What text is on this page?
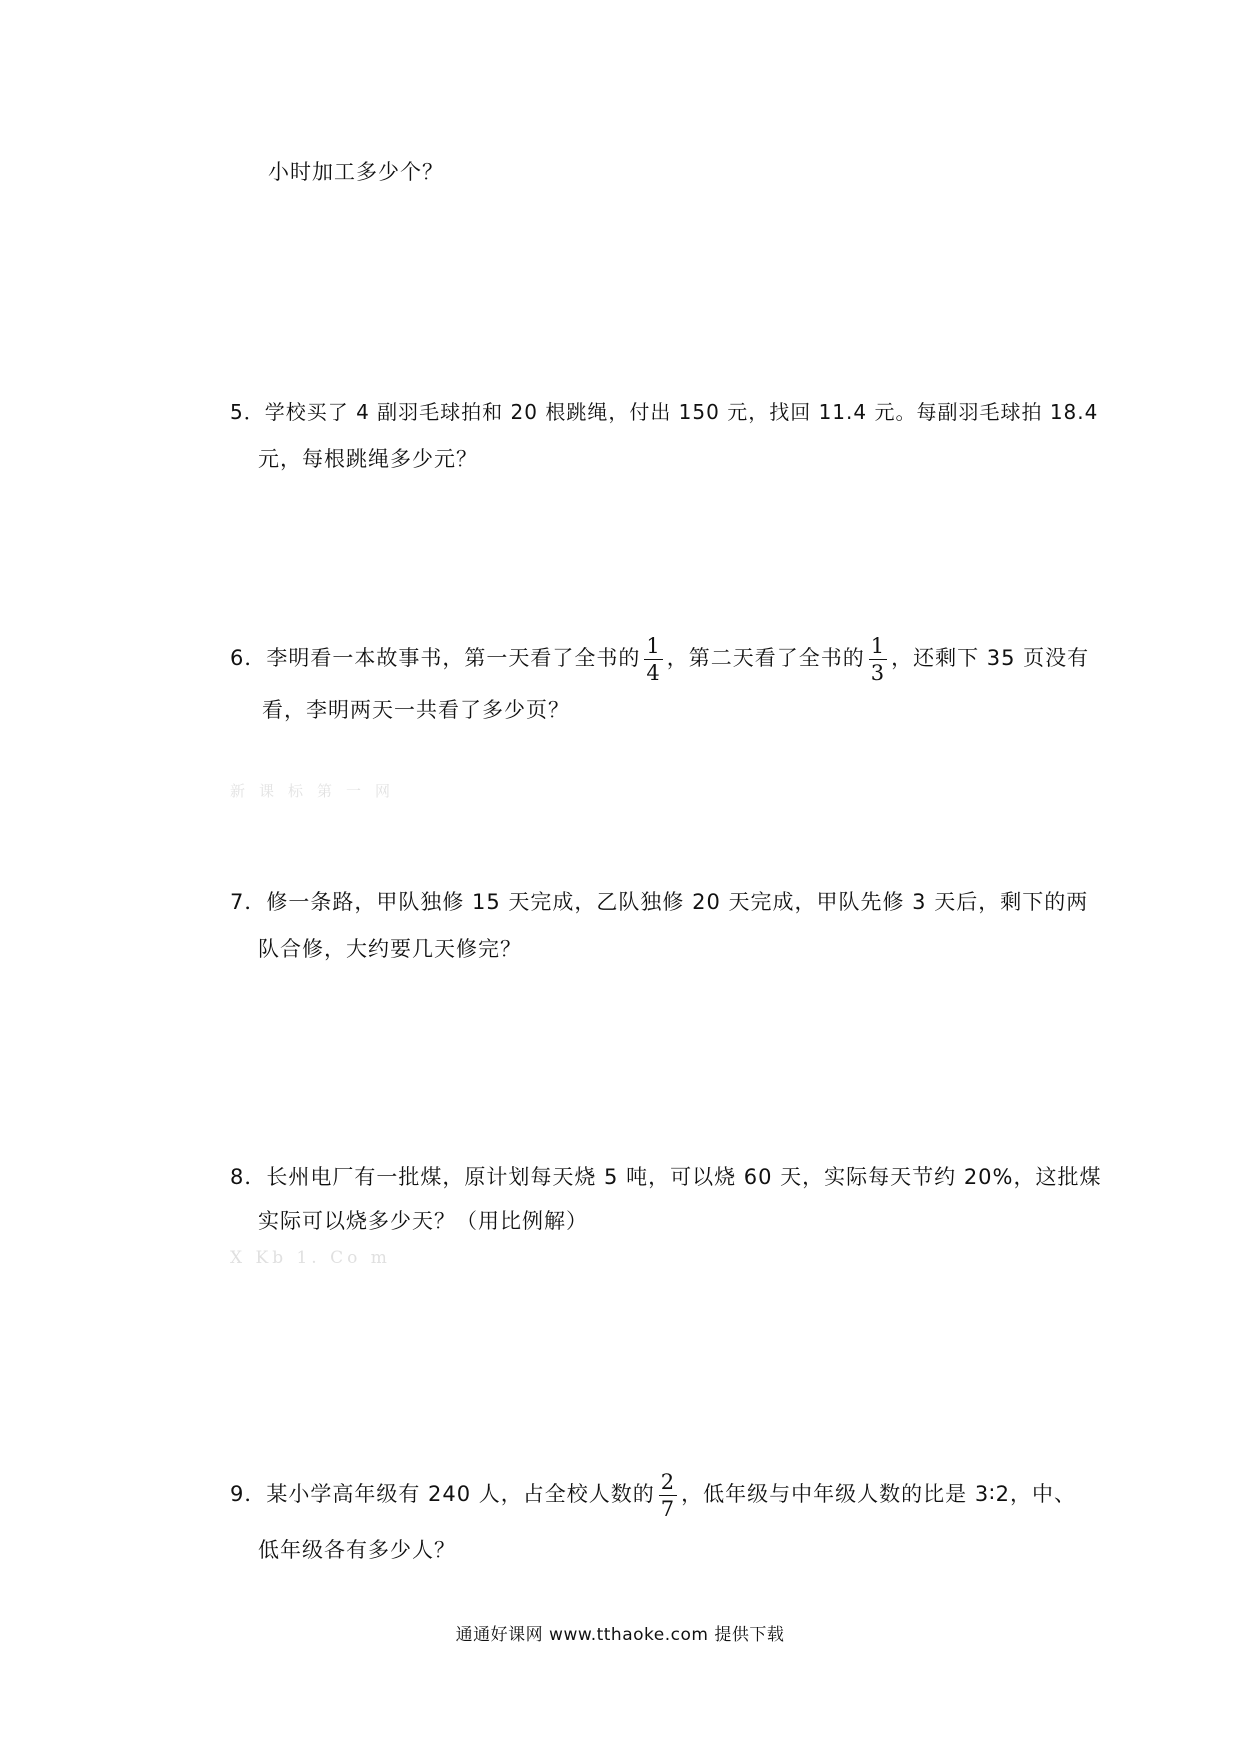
小时加工多少个？
5．学校买了 4 副羽毛球拍和 20 根跳绳，付出 150 元，找回 11.4 元。每副羽毛球拍 18.4
元，每根跳绳多少元？
6．李明看一本故事书，第一天看了全书的 $\frac{1}{4}$ ，第二天看了全书的 $\frac{1}{3}$ ，还剩下 35 页没有
看，李明两天一共看了多少页？
新课标第一网
7．修一条路，甲队独修 15 天完成，乙队独修 20 天完成，甲队先修 3 天后，剩下的两
队合修，大约要几天修完？
8．长州电厂有一批煤，原计划每天烧 5 吨，可以烧 60 天，实际每天节约 20%，这批煤
实际可以烧多少天？（用比例解）
X Kb 1. Co m
9．某小学高年级有 240 人，占全校人数的 $\frac{2}{7}$ ，低年级与中年级人数的比是 3∶2，中、
低年级各有多少人？
通通好课网 www.tthaoke.com 提供下载
